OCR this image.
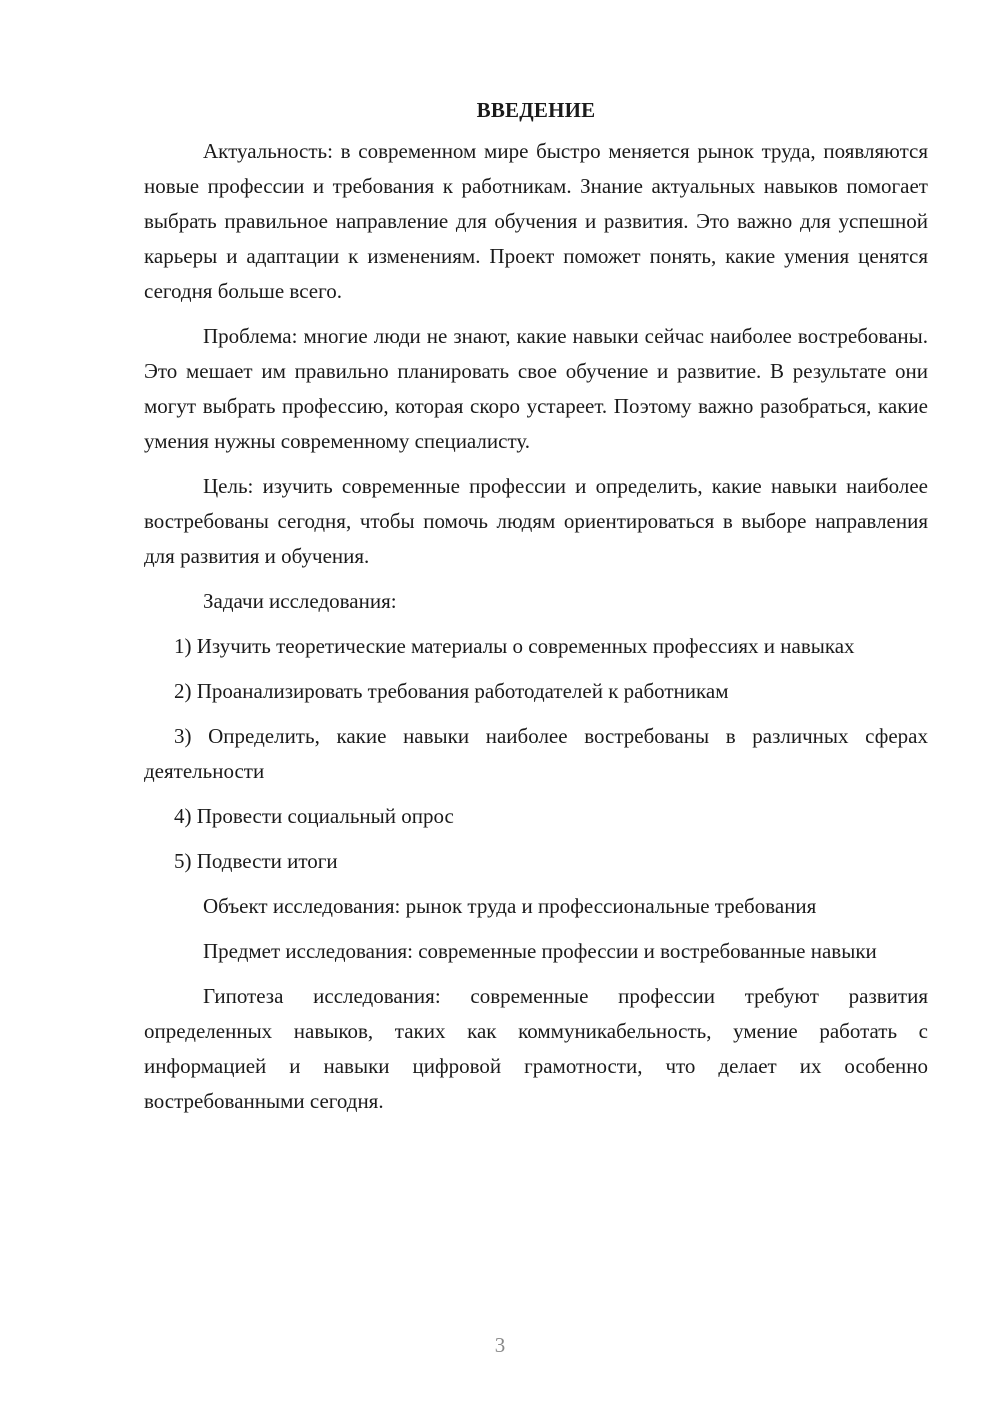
ВВЕДЕНИЕ

Актуальность: в современном мире быстро меняется рынок труда, появляются новые профессии и требования к работникам. Знание актуальных навыков помогает выбрать правильное направление для обучения и развития. Это важно для успешной карьеры и адаптации к изменениям. Проект поможет понять, какие умения ценятся сегодня больше всего.

Проблема: многие люди не знают, какие навыки сейчас наиболее востребованы. Это мешает им правильно планировать свое обучение и развитие. В результате они могут выбрать профессию, которая скоро устареет. Поэтому важно разобраться, какие умения нужны современному специалисту.

Цель: изучить современные профессии и определить, какие навыки наиболее востребованы сегодня, чтобы помочь людям ориентироваться в выборе направления для развития и обучения.

Задачи исследования:

1) Изучить теоретические материалы о современных профессиях и навыках

2) Проанализировать требования работодателей к работникам

3) Определить, какие навыки наиболее востребованы в различных сферах деятельности

4) Провести социальный опрос

5) Подвести итоги

Объект исследования: рынок труда и профессиональные требования

Предмет исследования: современные профессии и востребованные навыки

Гипотеза исследования: современные профессии требуют развития определенных навыков, таких как коммуникабельность, умение работать с информацией и навыки цифровой грамотности, что делает их особенно востребованными сегодня.

3
